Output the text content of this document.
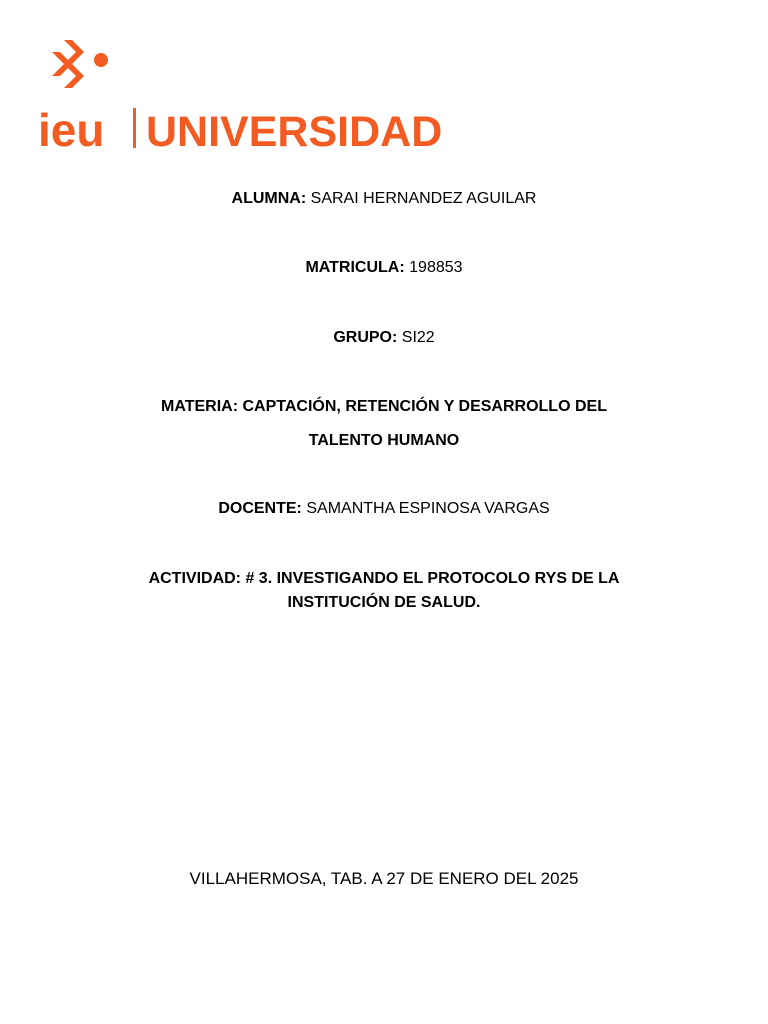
ieu UNIVERSIDAD
ALUMNA: SARAI HERNANDEZ AGUILAR
MATRICULA: 198853
GRUPO: SI22
MATERIA: CAPTACIÓN, RETENCIÓN Y DESARROLLO DEL
TALENTO HUMANO
DOCENTE: SAMANTHA ESPINOSA VARGAS
ACTIVIDAD: # 3. INVESTIGANDO EL PROTOCOLO RYS DE LA
INSTITUCIÓN DE SALUD.
VILLAHERMOSA, TAB. A 27 DE ENERO DEL 2025
